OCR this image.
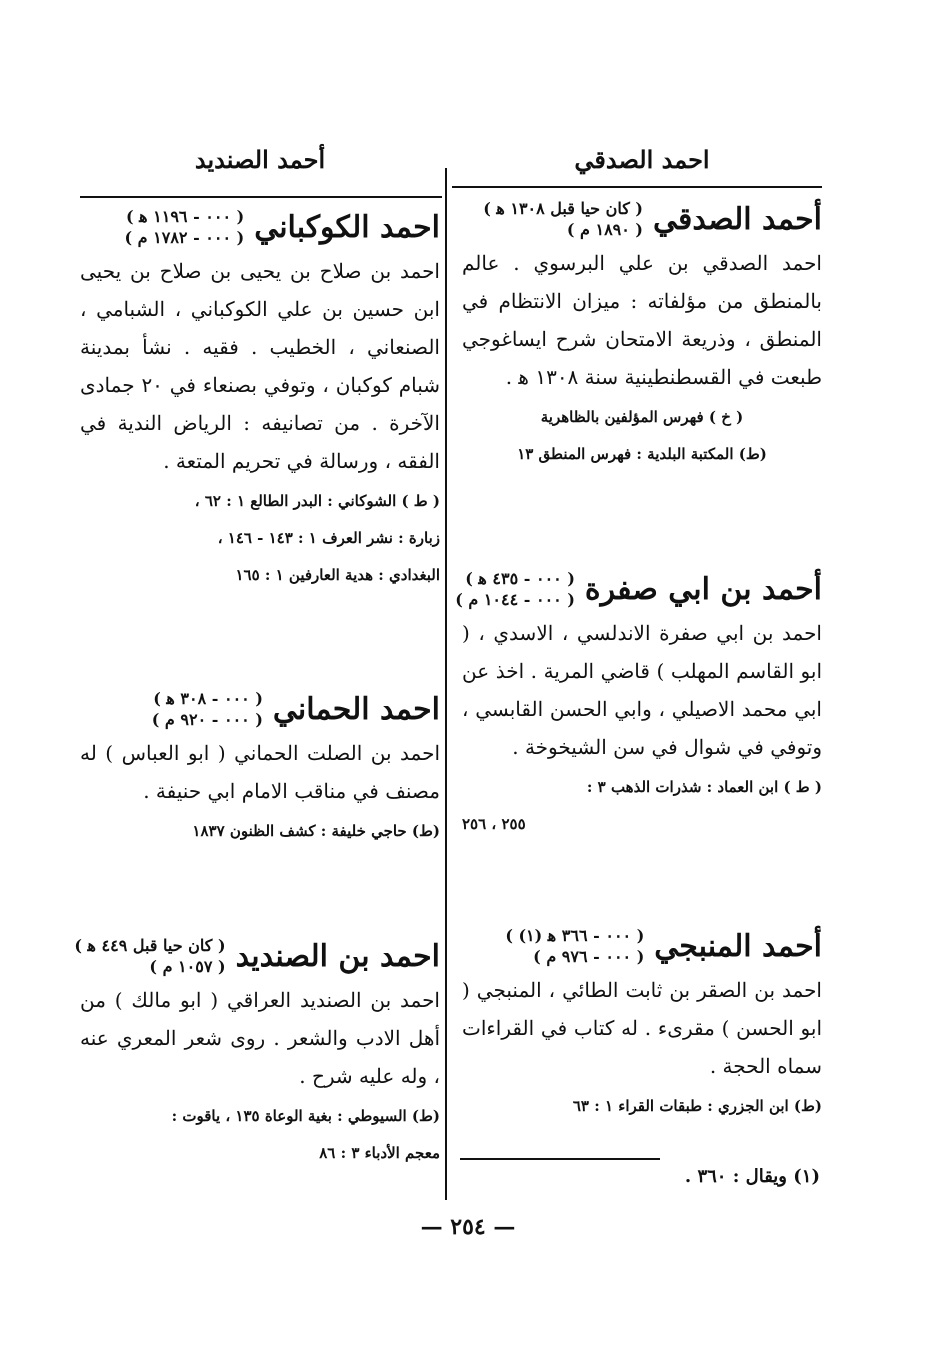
احمد الصدقي
أحمد الصدقي
( كان حيا قبل ١٣٠٨ ﻫ )
( ١٨٩٠ م )
احمد الصدقي بن علي البرسوي . عالم بالمنطق من مؤلفاته : ميزان الانتظام في المنطق ، وذريعة الامتحان شرح ايساغوجي طبعت في القسطنطينية سنة ١٣٠٨ ﻫ .
( خ ) فهرس المؤلفين بالظاهرية
(ط) المكتبة البلدية : فهرس المنطق ١٣
أحمد بن ابي صفرة
( ٠٠٠ - ٤٣٥ ﻫ )
( ٠٠٠ - ١٠٤٤ م )
احمد بن ابي صفرة الاندلسي ، الاسدي ، ( ابو القاسم المهلب ) قاضي المرية . اخذ عن ابي محمد الاصيلي ، وابي الحسن القابسي ، وتوفي في شوال في سن الشيخوخة .
( ط ) ابن العماد : شذرات الذهب ٣ :
٢٥٥ ، ٢٥٦
أحمد المنبجي
( ٠٠٠ - ٣٦٦ ﻫ (١) )
( ٠٠٠ - ٩٧٦ م )
احمد بن الصقر بن ثابت الطائي ، المنبجي ( ابو الحسن ) مقرىء . له كتاب في القراءات سماه الحجة .
(ط) ابن الجزري : طبقات القراء ١ : ٦٣
أحمد الصنديد
احمد الكوكباني
( ٠٠٠ - ١١٩٦ ﻫ )
( ٠٠٠ - ١٧٨٢ م )
احمد بن صلاح بن يحيى بن صلاح بن يحيى ابن حسين بن علي الكوكباني ، الشبامي ، الصنعاني ، الخطيب . فقيه . نشأ بمدينة شبام كوكبان ، وتوفي بصنعاء في ٢٠ جمادى الآخرة . من تصانيفه : الرياض الندية في الفقه ، ورسالة في تحريم المتعة .
( ط ) الشوكاني : البدر الطالع ١ : ٦٢ ،
زبارة : نشر العرف ١ : ١٤٣ - ١٤٦ ،
البغدادي : هدية العارفين ١ : ١٦٥
احمد الحماني
( ٠٠٠ - ٣٠٨ ﻫ )
( ٠٠٠ - ٩٢٠ م )
احمد بن الصلت الحماني ( ابو العباس ) له مصنف في مناقب الامام ابي حنيفة .
(ط) حاجي خليفة : كشف الظنون ١٨٣٧
احمد بن الصنديد
( كان حيا قبل ٤٤٩ ﻫ )
( ١٠٥٧ م )
احمد بن الصنديد العراقي ( ابو مالك ) من أهل الادب والشعر . روى شعر المعري عنه ، وله عليه شرح .
(ط) السيوطي : بغية الوعاة ١٣٥ ، ياقوت :
معجم الأدباء ٣ : ٨٦
(١) ويقال : ٣٦٠ .
— ٢٥٤ —
